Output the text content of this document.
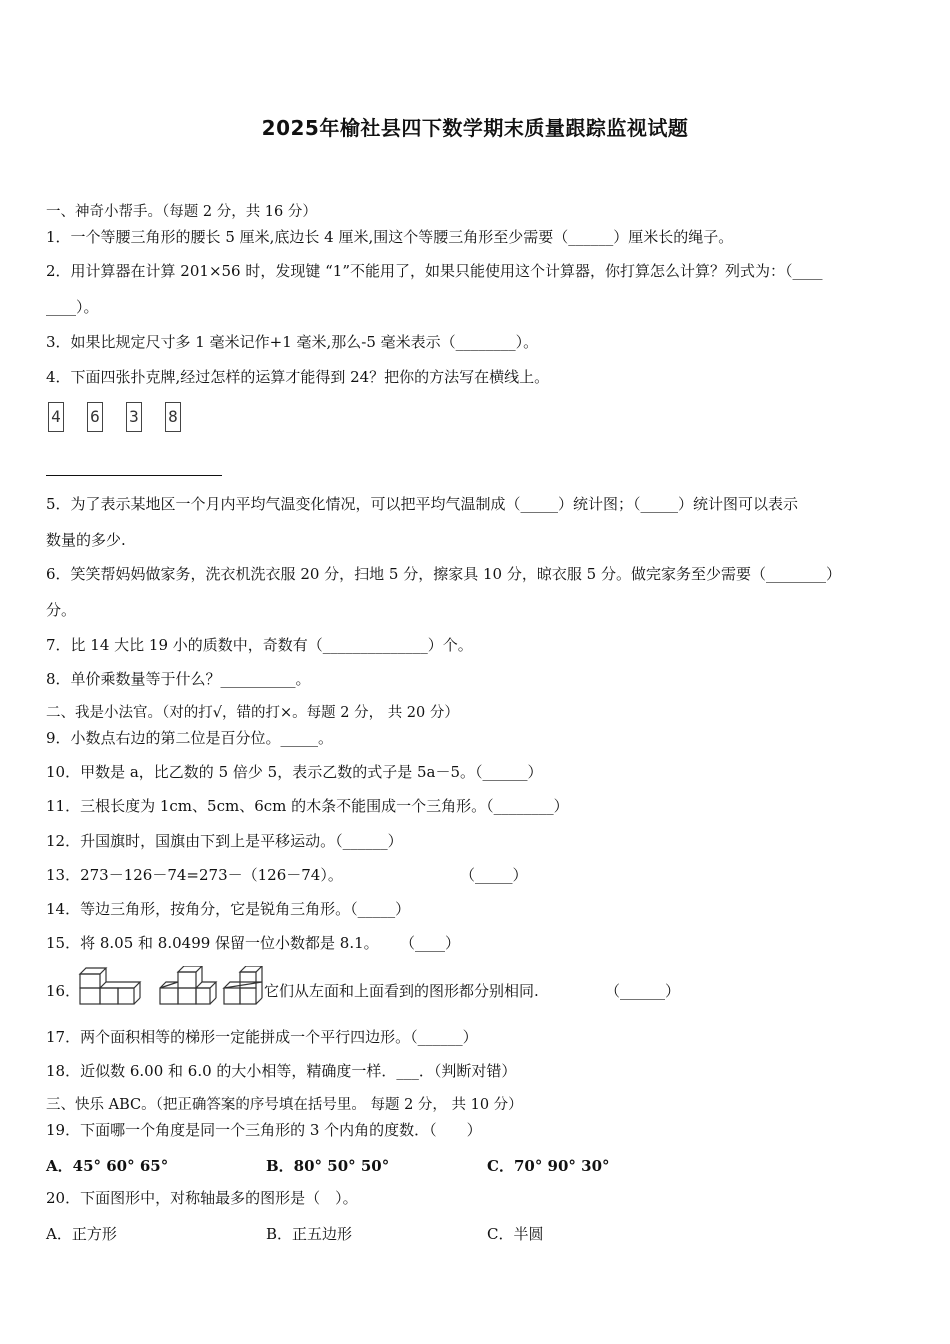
2025年榆社县四下数学期末质量跟踪监视试题
一、神奇小帮手。（每题 2 分，共 16 分）
1．一个等腰三角形的腰长 5 厘米,底边长 4 厘米,围这个等腰三角形至少需要（______）厘米长的绳子。
2．用计算器在计算 201×56 时，发现键 “1”不能用了，如果只能使用这个计算器，你打算怎么计算？列式为：（____
____）。
3．如果比规定尺寸多 1 毫米记作+1 毫米,那么-5 毫米表示（________）。
4．下面四张扑克牌,经过怎样的运算才能得到 24？把你的方法写在横线上。
4 6 3 8
5．为了表示某地区一个月内平均气温变化情况，可以把平均气温制成（_____）统计图；（_____）统计图可以表示
数量的多少.
6．笑笑帮妈妈做家务，洗衣机洗衣服 20 分，扫地 5 分，擦家具 10 分，晾衣服 5 分。做完家务至少需要（________）
分。
7．比 14 大比 19 小的质数中，奇数有（______________）个。
8．单价乘数量等于什么？__________。
二、我是小法官。（对的打√，错的打×。每题 2 分， 共 20 分）
9．小数点右边的第二位是百分位。_____。
10．甲数是 a，比乙数的 5 倍少 5，表示乙数的式子是 5a－5。（______）
11．三根长度为 1cm、5cm、6cm 的木条不能围成一个三角形。（________）
12．升国旗时，国旗由下到上是平移运动。（______）
13．273－126－74=273－（126－74）。	（_____）
14．等边三角形，按角分，它是锐角三角形。（_____）
15．将 8.05 和 8.0499 保留一位小数都是 8.1。 （____）
16．	它们从左面和上面看到的图形都分别相同.	（______）
17．两个面积相等的梯形一定能拼成一个平行四边形。（______）
18．近似数 6.00 和 6.0 的大小相等，精确度一样．___．（判断对错）
三、快乐 ABC。（把正确答案的序号填在括号里。 每题 2 分， 共 10 分）
19．下面哪一个角度是同一个三角形的 3 个内角的度数．（　　）
A．45° 60° 65°	B．80° 50° 50°	C．70° 90° 30°
20．下面图形中，对称轴最多的图形是（　）。
A．正方形	B．正五边形	C．半圆
